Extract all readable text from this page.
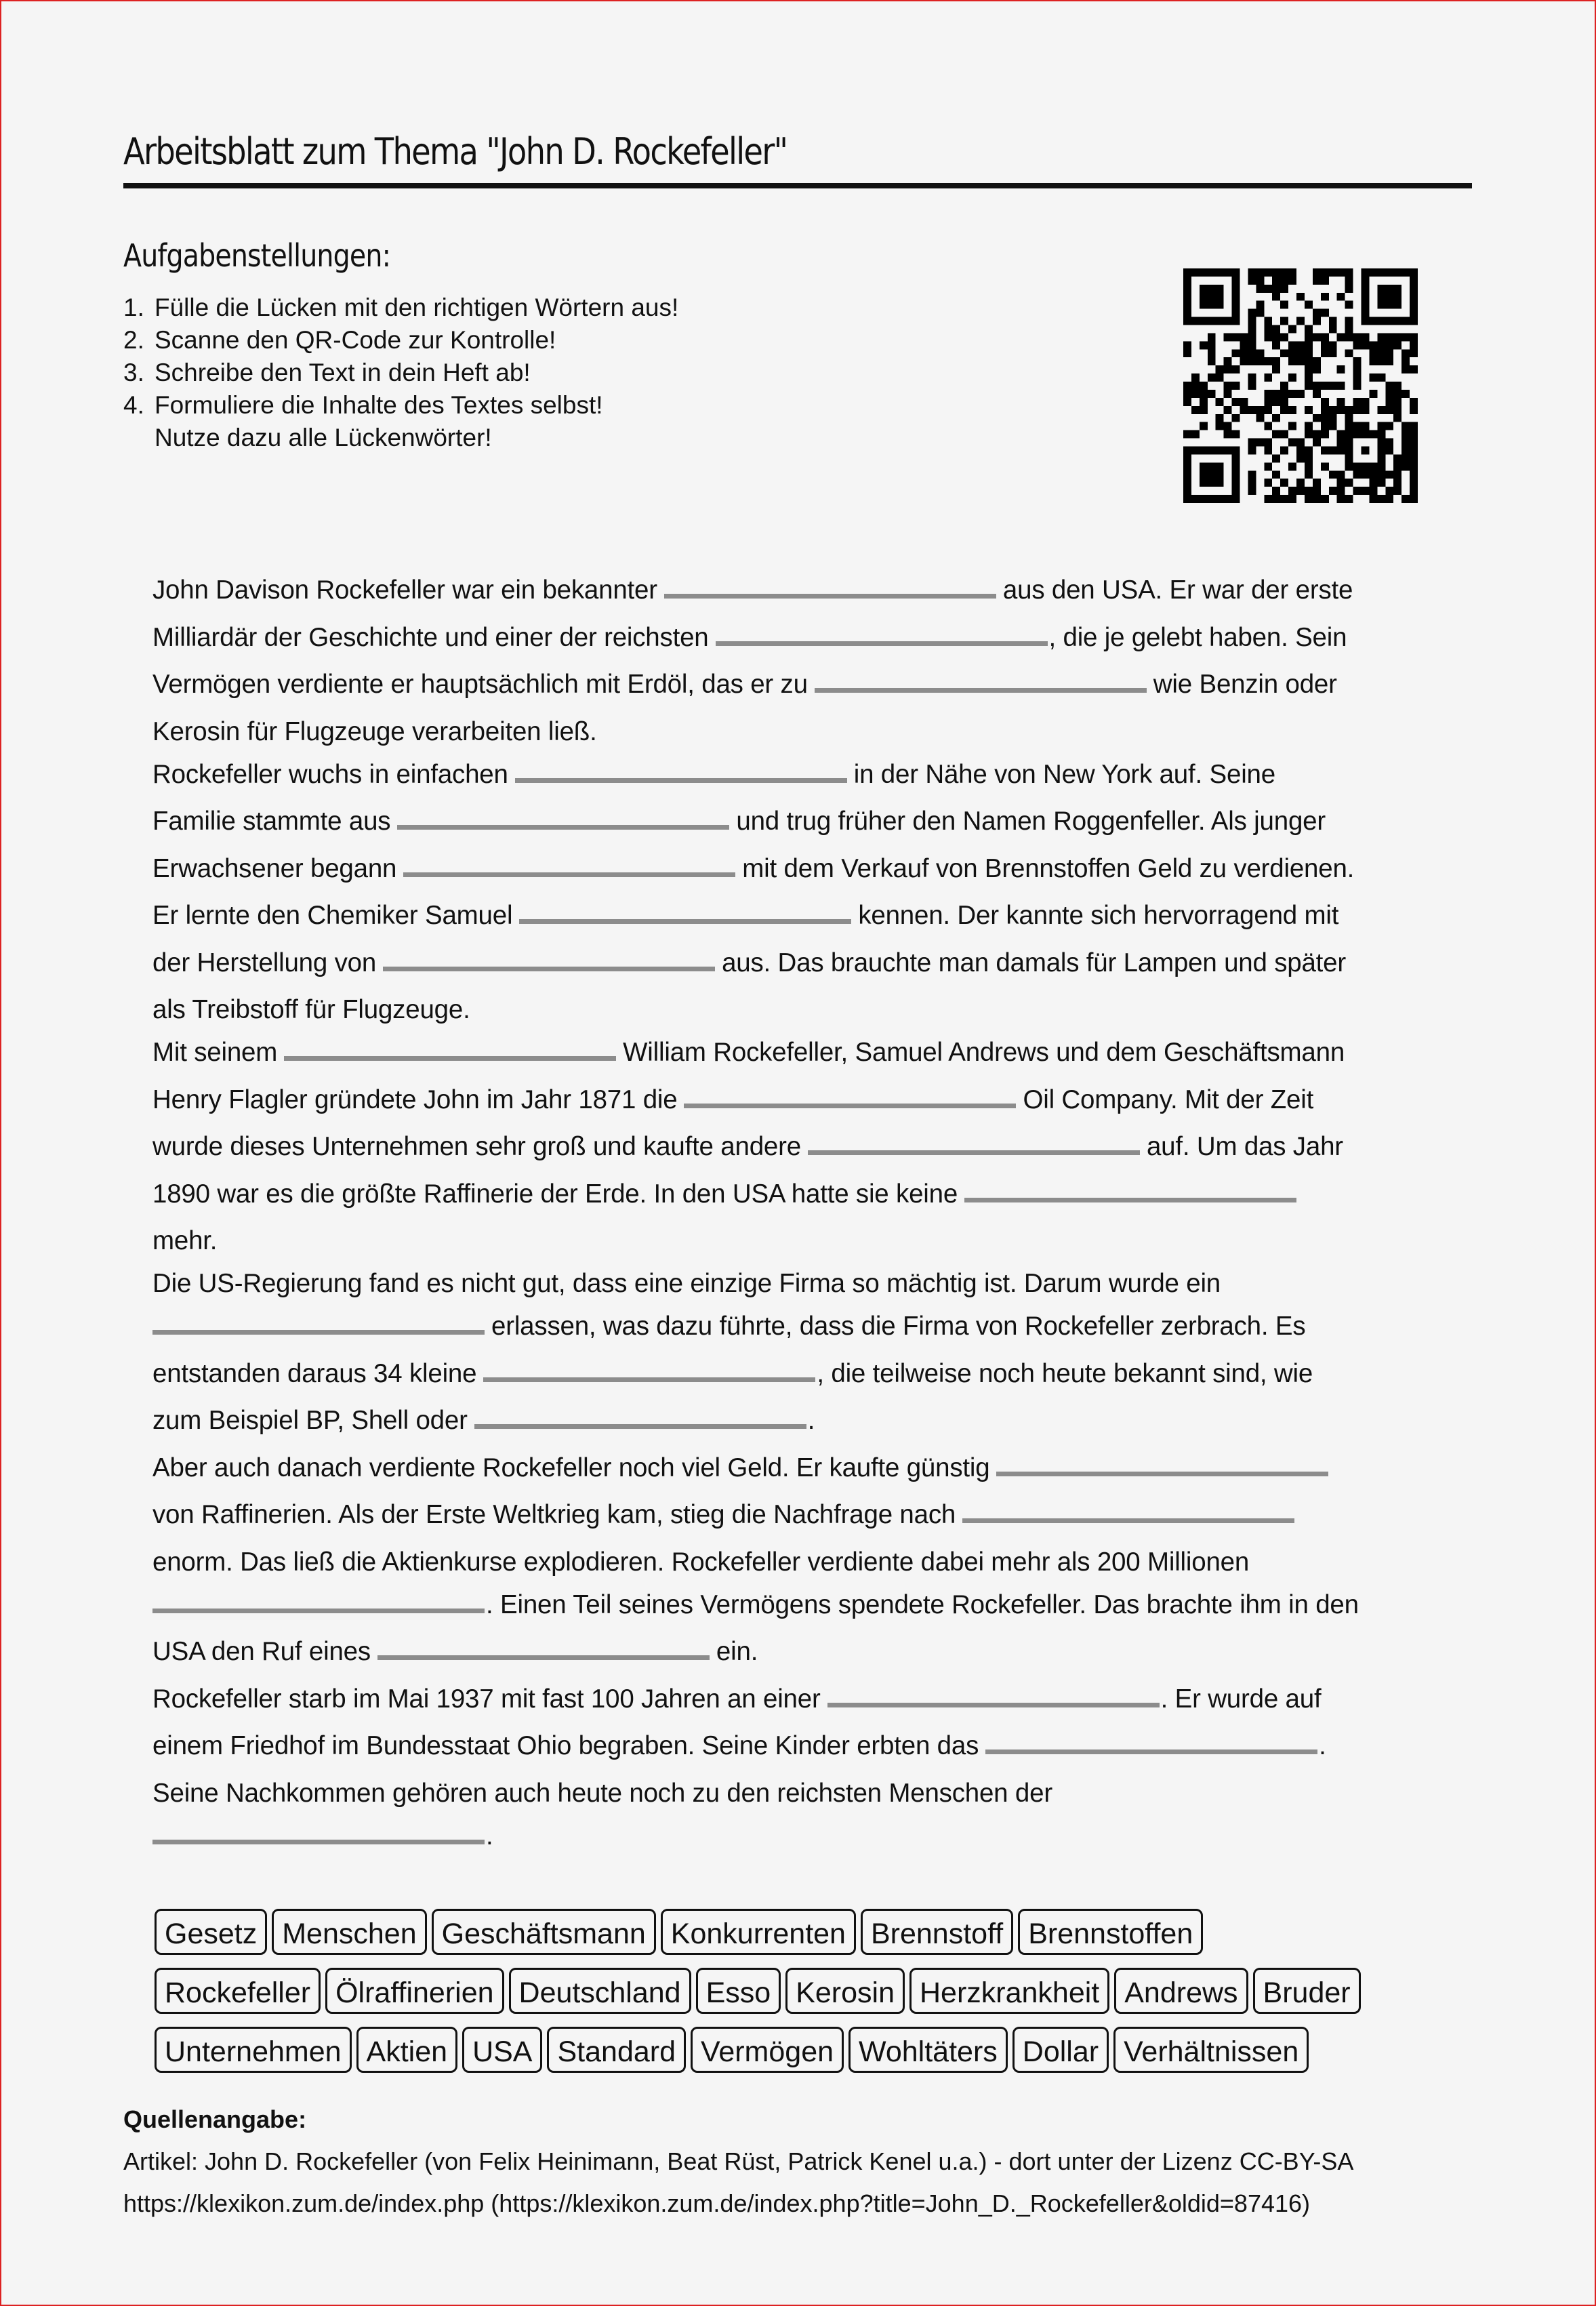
Arbeitsblatt zum Thema "John D. Rockefeller"
Aufgabenstellungen:
1. Fülle die Lücken mit den richtigen Wörtern aus!
2. Scanne den QR-Code zur Kontrolle!
3. Schreibe den Text in dein Heft ab!
4. Formuliere die Inhalte des Textes selbst!
Nutze dazu alle Lückenwörter!
John Davison Rockefeller war ein bekannter	aus den USA. Er war der erste
Milliardär der Geschichte und einer der reichsten	, die je gelebt haben. Sein
Vermögen verdiente er hauptsächlich mit Erdöl, das er zu	wie Benzin oder
Kerosin für Flugzeuge verarbeiten ließ.
Rockefeller wuchs in einfachen	in der Nähe von New York auf. Seine
Familie stammte aus	und trug früher den Namen Roggenfeller. Als junger
Erwachsener begann	mit dem Verkauf von Brennstoffen Geld zu verdienen.
Er lernte den Chemiker Samuel	kennen. Der kannte sich hervorragend mit
der Herstellung von	aus. Das brauchte man damals für Lampen und später
als Treibstoff für Flugzeuge.
Mit seinem	William Rockefeller, Samuel Andrews und dem Geschäftsmann
Henry Flagler gründete John im Jahr 1871 die	Oil Company. Mit der Zeit
wurde dieses Unternehmen sehr groß und kaufte andere	auf. Um das Jahr
1890 war es die größte Raffinerie der Erde. In den USA hatte sie keine
mehr.
Die US-Regierung fand es nicht gut, dass eine einzige Firma so mächtig ist. Darum wurde ein
erlassen, was dazu führte, dass die Firma von Rockefeller zerbrach. Es
entstanden daraus 34 kleine	, die teilweise noch heute bekannt sind, wie
zum Beispiel BP, Shell oder	.
Aber auch danach verdiente Rockefeller noch viel Geld. Er kaufte günstig
von Raffinerien. Als der Erste Weltkrieg kam, stieg die Nachfrage nach
enorm. Das ließ die Aktienkurse explodieren. Rockefeller verdiente dabei mehr als 200 Millionen
. Einen Teil seines Vermögens spendete Rockefeller. Das brachte ihm in den
USA den Ruf eines	ein.
Rockefeller starb im Mai 1937 mit fast 100 Jahren an einer	. Er wurde auf
einem Friedhof im Bundesstaat Ohio begraben. Seine Kinder erbten das	.
Seine Nachkommen gehören auch heute noch zu den reichsten Menschen der
.
Gesetz Menschen Geschäftsmann Konkurrenten Brennstoff Brennstoffen
Rockefeller Ölraffinerien Deutschland Esso Kerosin Herzkrankheit Andrews Bruder
Unternehmen Aktien USA Standard Vermögen Wohltäters Dollar Verhältnissen
Quellenangabe:
Artikel: John D. Rockefeller (von Felix Heinimann, Beat Rüst, Patrick Kenel u.a.) - dort unter der Lizenz CC-BY-SA
https://klexikon.zum.de/index.php (https://klexikon.zum.de/index.php?title=John_D._Rockefeller&oldid=87416)
